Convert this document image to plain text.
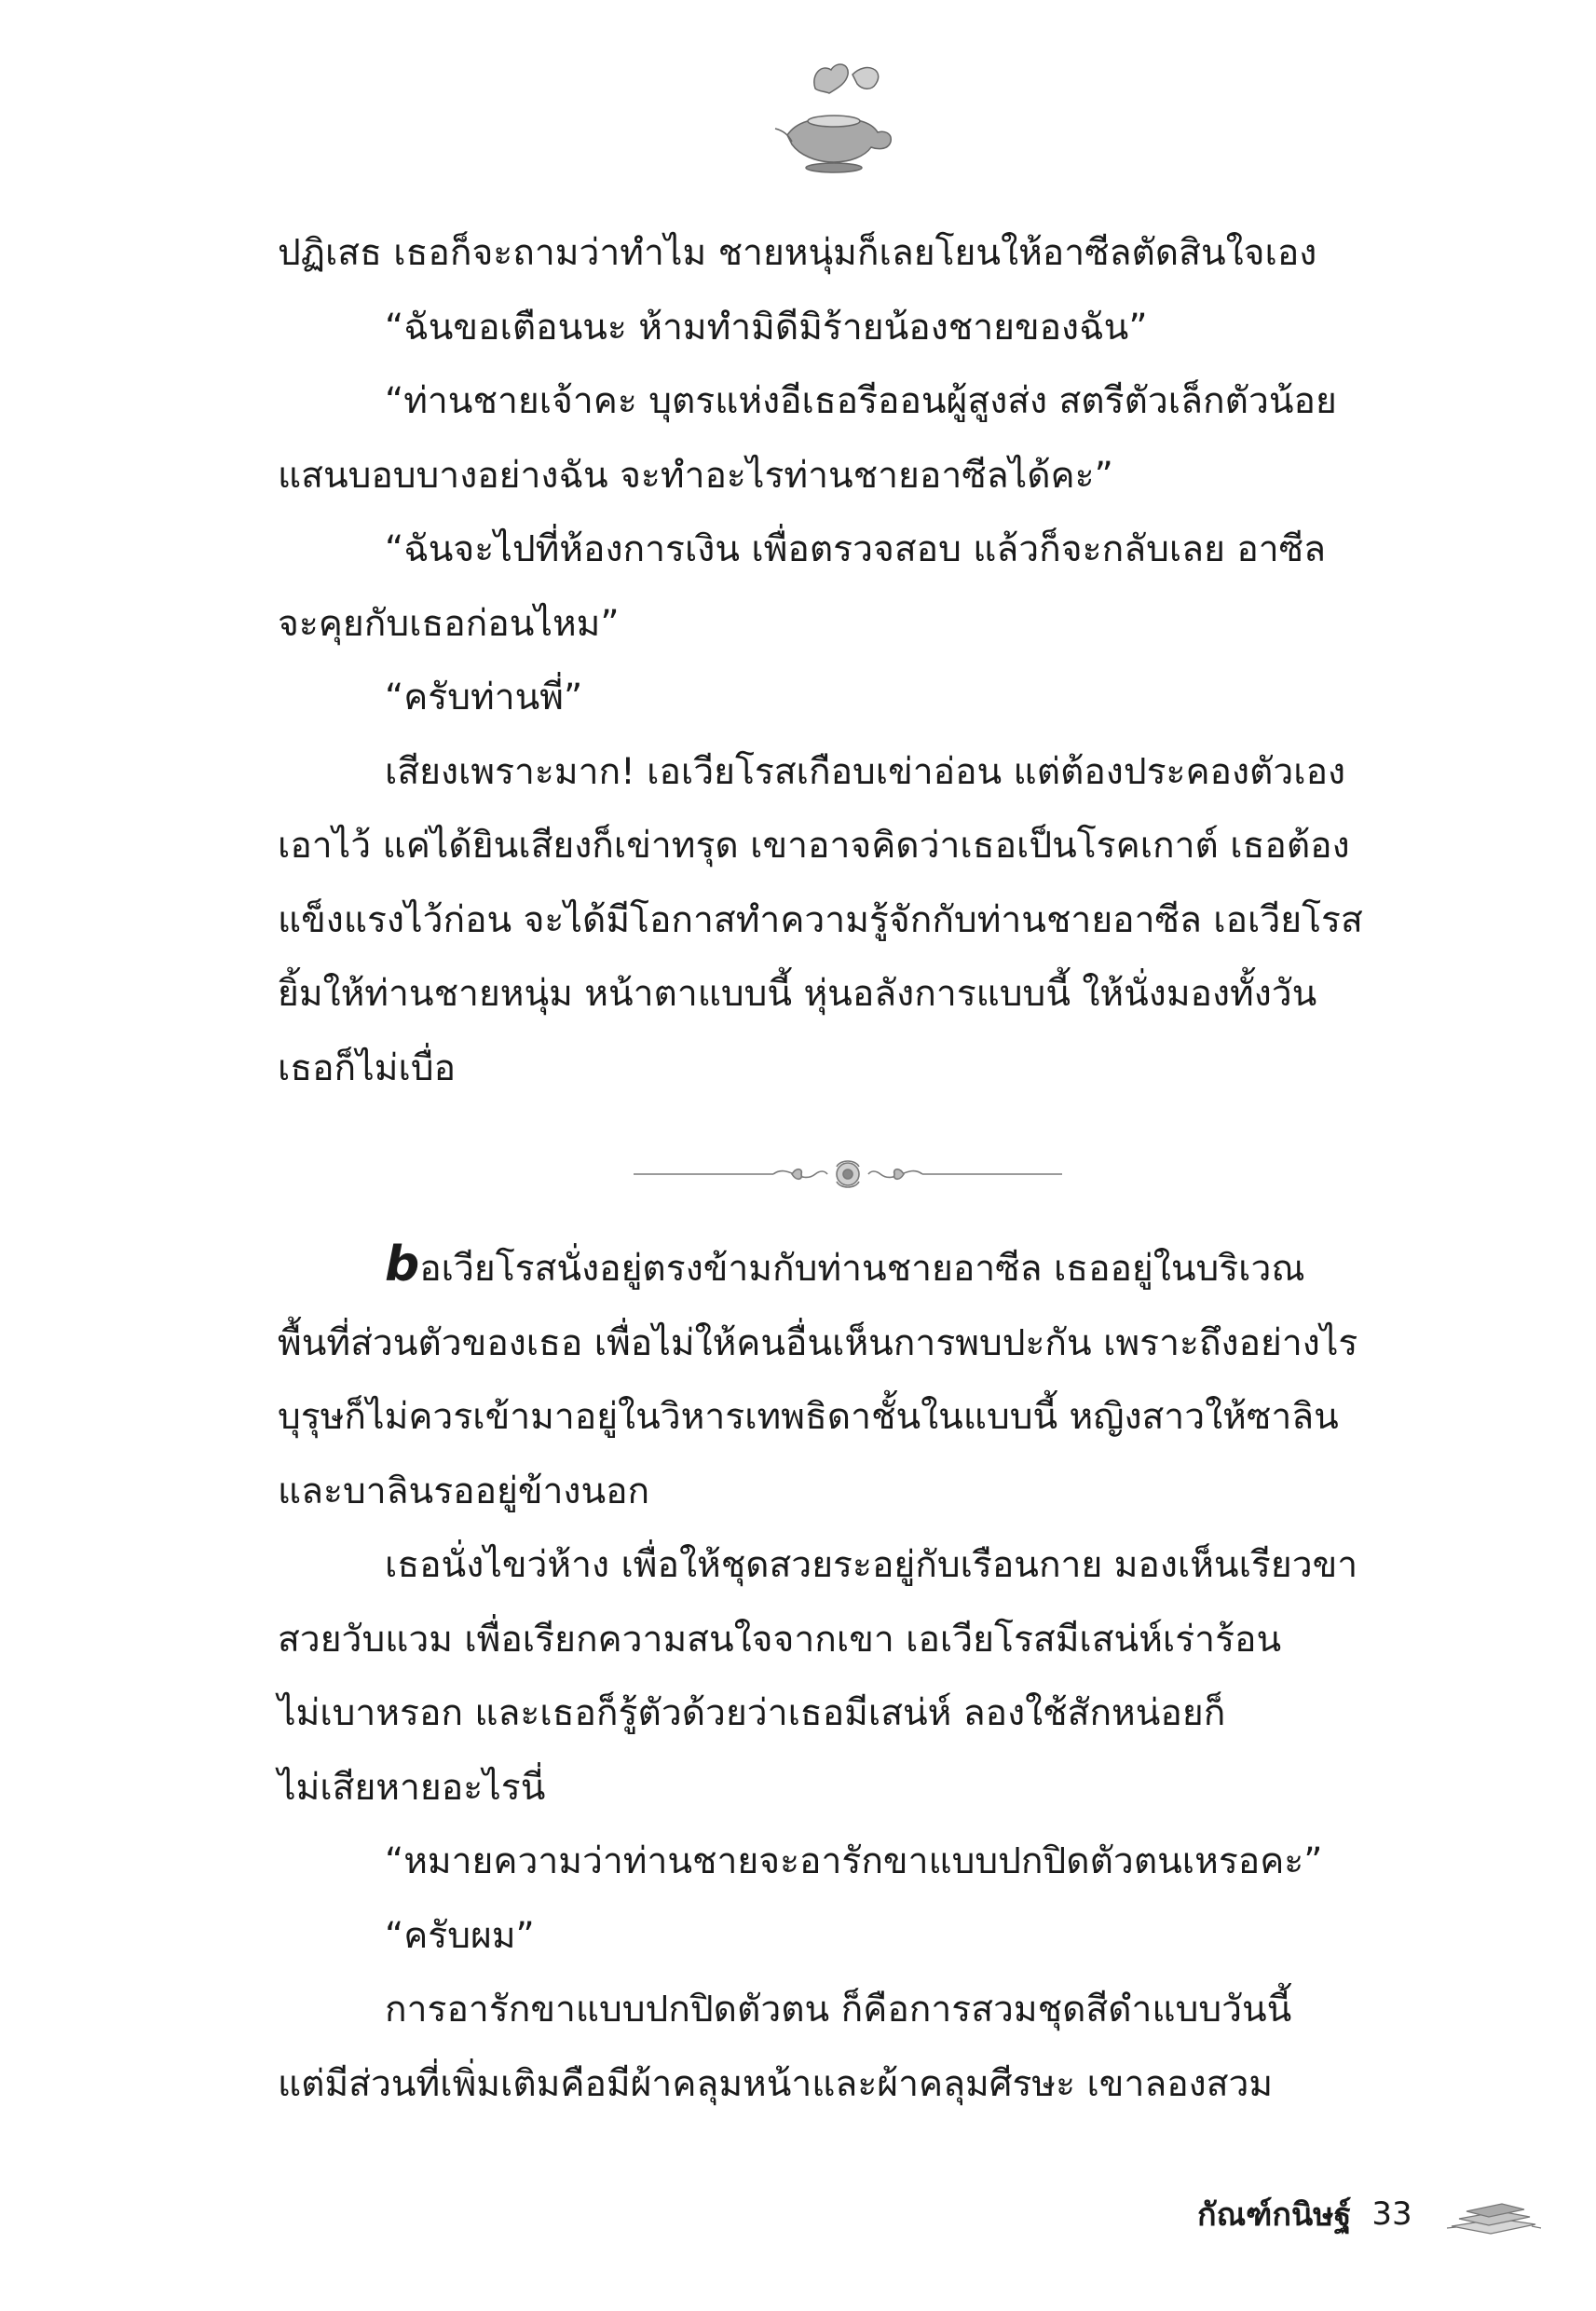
ปฏิเสธ เธอก็จะถามว่าทำไม ชายหนุ่มก็เลยโยนให้อาซีลตัดสินใจเอง

“ฉันขอเตือนนะ ห้ามทำมิดีมิร้ายน้องชายของฉัน”

“ท่านชายเจ้าคะ บุตรแห่งอีเธอรีออนผู้สูงส่ง สตรีตัวเล็กตัวน้อย

แสนบอบบางอย่างฉัน จะทำอะไรท่านชายอาซีลได้คะ”

“ฉันจะไปที่ห้องการเงิน เพื่อตรวจสอบ แล้วก็จะกลับเลย อาซีล

จะคุยกับเธอก่อนไหม”

“ครับท่านพี่”

เสียงเพราะมาก! เอเวียโรสเกือบเข่าอ่อน แต่ต้องประคองตัวเอง

เอาไว้ แค่ได้ยินเสียงก็เข่าทรุด เขาอาจคิดว่าเธอเป็นโรคเกาต์ เธอต้อง

แข็งแรงไว้ก่อน จะได้มีโอกาสทำความรู้จักกับท่านชายอาซีล เอเวียโรส

ยิ้มให้ท่านชายหนุ่ม หน้าตาแบบนี้ หุ่นอลังการแบบนี้ ให้นั่งมองทั้งวัน

เธอก็ไม่เบื่อ

bอเวียโรสนั่งอยู่ตรงข้ามกับท่านชายอาซีล เธออยู่ในบริเวณ

พื้นที่ส่วนตัวของเธอ เพื่อไม่ให้คนอื่นเห็นการพบปะกัน เพราะถึงอย่างไร

บุรุษก็ไม่ควรเข้ามาอยู่ในวิหารเทพธิดาชั้นในแบบนี้ หญิงสาวให้ซาลิน

และบาลินรออยู่ข้างนอก

เธอนั่งไขว่ห้าง เพื่อให้ชุดสวยระอยู่กับเรือนกาย มองเห็นเรียวขา

สวยวับแวม เพื่อเรียกความสนใจจากเขา เอเวียโรสมีเสน่ห์เร่าร้อน

ไม่เบาหรอก และเธอก็รู้ตัวด้วยว่าเธอมีเสน่ห์ ลองใช้สักหน่อยก็

ไม่เสียหายอะไรนี่

“หมายความว่าท่านชายจะอารักขาแบบปกปิดตัวตนเหรอคะ”

“ครับผม”

การอารักขาแบบปกปิดตัวตน ก็คือการสวมชุดสีดำแบบวันนี้

แต่มีส่วนที่เพิ่มเติมคือมีผ้าคลุมหน้าและผ้าคลุมศีรษะ เขาลองสวม

กัณฑ์กนิษฐ์ 33
